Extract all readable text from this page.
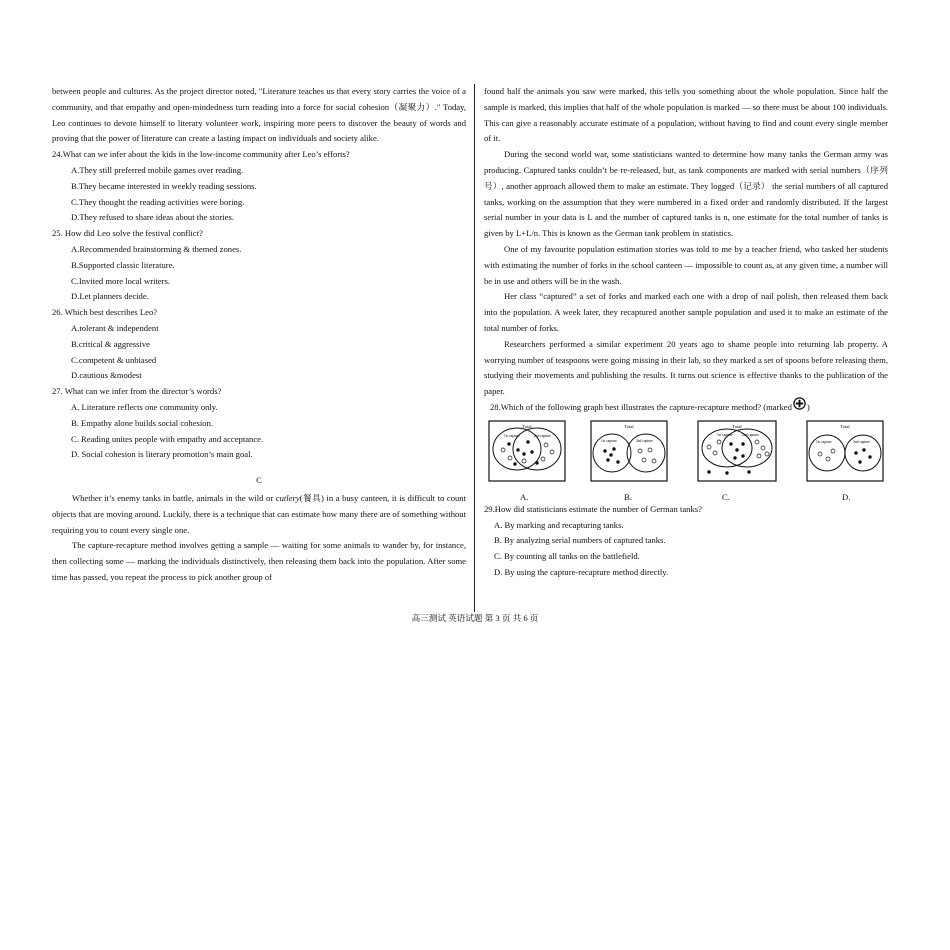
between people and cultures. As the project director noted, "Literature teaches us that every story carries the voice of a community, and that empathy and open-mindedness turn reading into a force for social cohesion（凝聚力）." Today, Leo continues to devote himself to literary volunteer work, inspiring more peers to discover the beauty of words and proving that the power of literature can create a lasting impact on individuals and society alike.

24.What can we infer about the kids in the low-income community after Leo’s efforts?
A.They still preferred mobile games over reading.
B.They became interested in weekly reading sessions.
C.They thought the reading activities were boring.
D.They refused to share ideas about the stories.
25. How did Leo solve the festival conflict?
A.Recommended brainstorming & themed zones.
B.Supported classic literature.
C.Invited more local writers.
D.Let planners decide.
26. Which best describes Leo?
A.tolerant & independent
B.critical & aggressive
C.competent & unbiased
D.cautious &modest
27. What can we infer from the director’s words?
A. Literature reflects one community only.
B. Empathy alone builds social cohesion.
C. Reading unites people with empathy and acceptance.
D. Social cohesion is literary promotion’s main goal.
C

Whether it’s enemy tanks in battle, animals in the wild or cutlery(餐具) in a busy canteen, it is difficult to count objects that are moving around. Luckily, there is a technique that can estimate how many there are of something without requiring you to count every single one.

The capture-recapture method involves getting a sample — waiting for some animals to wander by, for instance, then collecting some — marking the individuals distinctively, then releasing them back into the population. After some time has passed, you repeat the process to pick another group of

found half the animals you saw were marked, this tells you something about the whole population. Since half the sample is marked, this implies that half of the whole population is marked — so there must be about 100 individuals. This can give a reasonably accurate estimate of a population, without having to find and count every single member of it.

During the second world war, some statisticians wanted to determine how many tanks the German army was producing. Captured tanks couldn’t be re-released, but, as tank components are marked with serial numbers（序列号）, another approach allowed them to make an estimate. They logged（记录） the serial numbers of all captured tanks, working on the assumption that they were numbered in a fixed order and randomly distributed. If the largest serial number in your data is L and the number of captured tanks is n, one estimate for the total number of tanks is given by L+L/n. This is known as the German tank problem in statistics.

One of my favourite population estimation stories was told to me by a teacher friend, who tasked her students with estimating the number of forks in the school canteen — impossible to count as, at any given time, a number will be in use and others will be in the wash.

Her class “captured” a set of forks and marked each one with a drop of nail polish, then released them back into the population. A week later, they recaptured another sample population and used it to make an estimate of the total number of forks.

Researchers performed a similar experiment 20 years ago to shame people into returning lab property. A worrying number of teaspoons were going missing in their lab, so they marked a set of spoons before releasing them, studying their movements and publishing the results. It turns out science is effective thanks to the publication of the paper.

28.Which of the following graph best illustrates the capture-recapture method? (marked )
Total
1st capture	2nd capture
Total
1st capture	2nd capture
Total
1st capture	2nd capture
Total
1st capture	2nd capture
A.	B.	C.	D.
29.How did statisticians estimate the number of German tanks?
A. By marking and recapturing tanks.
B. By analyzing serial numbers of captured tanks.
C. By counting all tanks on the battlefield.
D. By using the capture-recapture method directly.
高三测试 英语试题 第 3 页 共 6 页
